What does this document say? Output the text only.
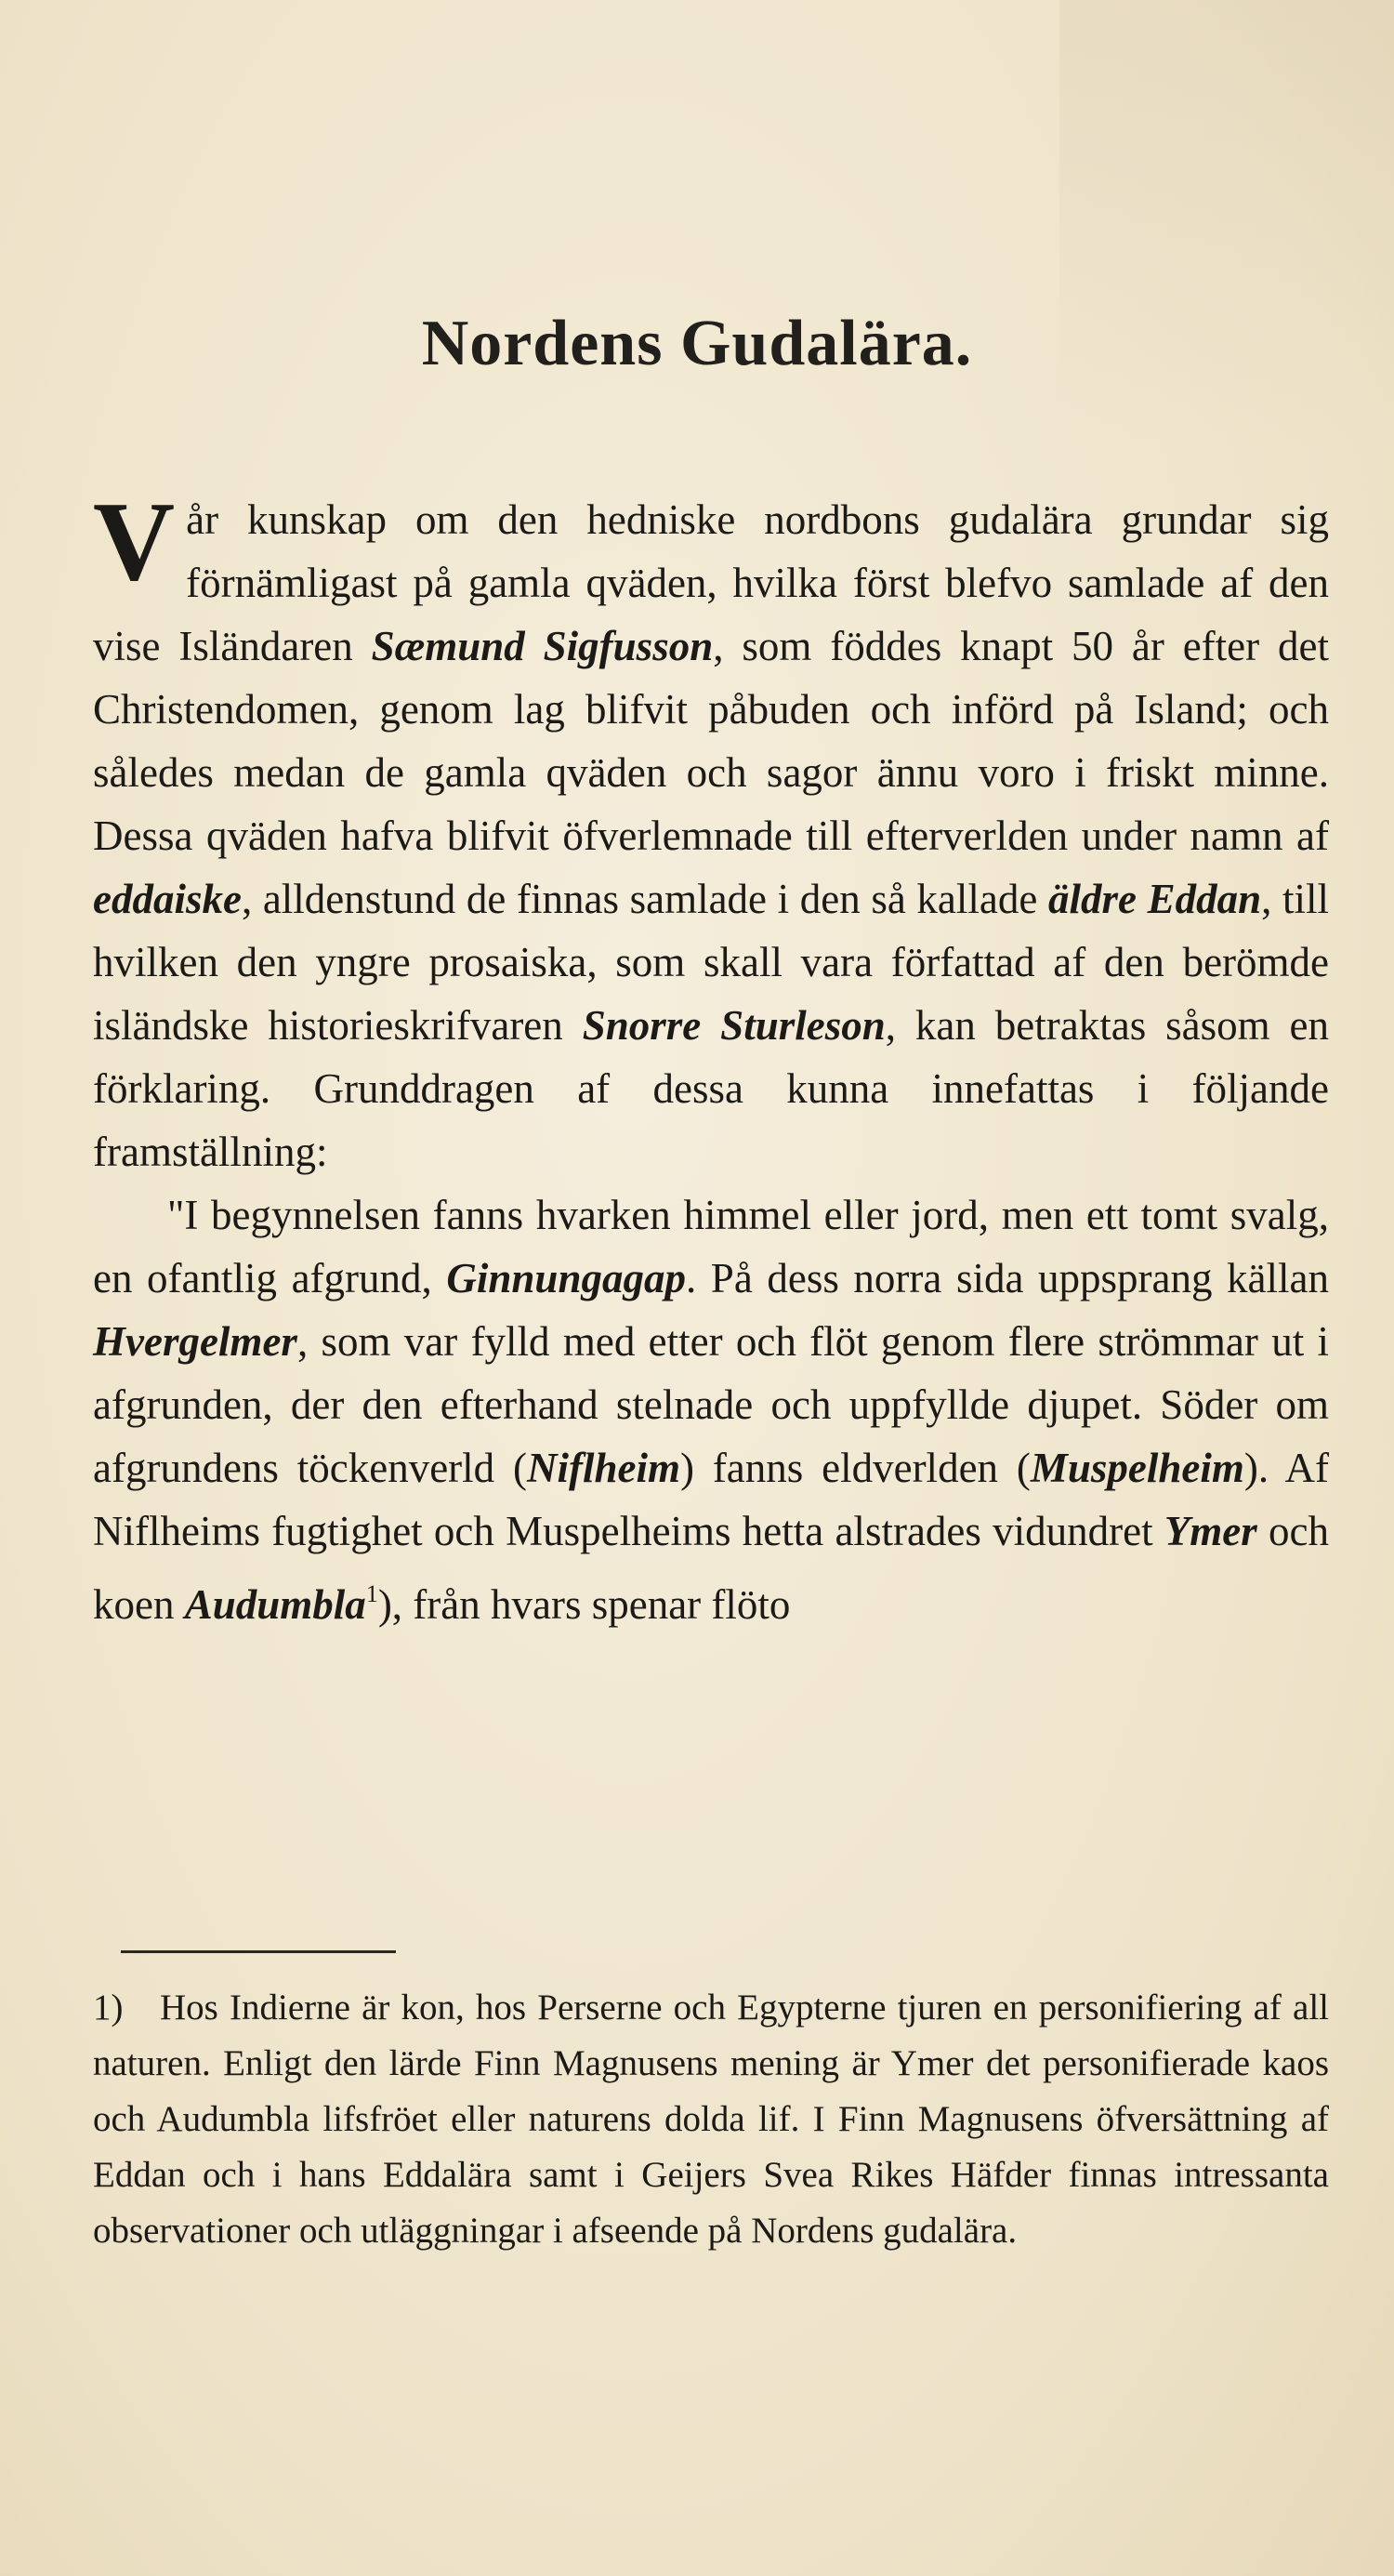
Nordens Gudalära.

Vår kunskap om den hedniske nordbons gudalära grundar sig förnämligast på gamla qväden, hvilka först blefvo samlade af den vise Isländaren Sæmund Sigfusson, som föddes knapt 50 år efter det Christendomen, genom lag blifvit påbuden och införd på Island; och således medan de gamla qväden och sagor ännu voro i friskt minne. Dessa qväden hafva blifvit öfverlemnade till efterverlden under namn af eddaiske, alldenstund de finnas samlade i den så kallade äldre Eddan, till hvilken den yngre prosaiska, som skall vara författad af den berömde isländske historieskrifvaren Snorre Sturleson, kan betraktas såsom en förklaring. Grunddragen af dessa kunna innefattas i följande framställning:

"I begynnelsen fanns hvarken himmel eller jord, men ett tomt svalg, en ofantlig afgrund, Ginnungagap. På dess norra sida uppsprang källan Hvergelmer, som var fylld med etter och flöt genom flere strömmar ut i afgrunden, der den efterhand stelnade och uppfyllde djupet. Söder om afgrundens töckenverld (Niflheim) fanns eldverlden (Muspelheim). Af Niflheims fugtighet och Muspelheims hetta alstrades vidundret Ymer och koen Audumbla$^1$), från hvars spenar flöto

1) Hos Indierne är kon, hos Perserne och Egypterne tjuren en personifiering af all naturen. Enligt den lärde Finn Magnusens mening är Ymer det personifierade kaos och Audumbla lifsfröet eller naturens dolda lif. I Finn Magnusens öfversättning af Eddan och i hans Eddalära samt i Geijers Svea Rikes Häfder finnas intressanta observationer och utläggningar i afseende på Nordens gudalära.
